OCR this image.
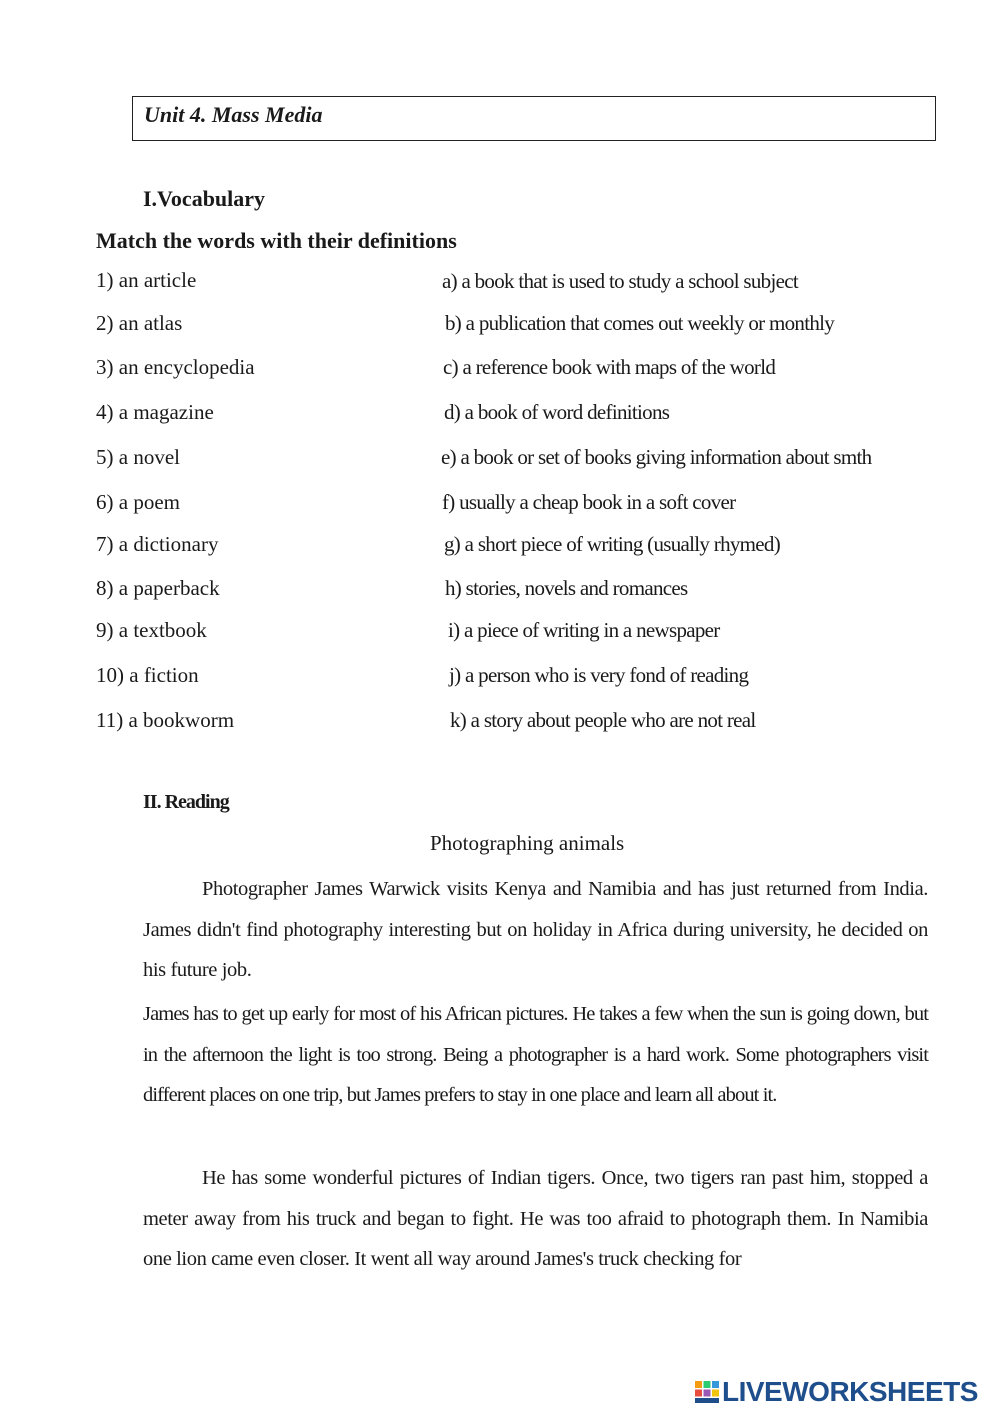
Unit 4. Mass Media
I.Vocabulary
Match the words with their definitions
1) an article
2) an atlas
3) an encyclopedia
4) a magazine
5) a novel
6) a poem
7) a dictionary
8) a paperback
9) a textbook
10) a fiction
11) a bookworm
a) a book that is used to study a school subject
b) a publication that comes out weekly or monthly
c) a reference book with maps of the world
d) a book of word definitions
e) a book or set of books giving information about smth
f) usually a cheap book in a soft cover
g) a short piece of writing (usually rhymed)
h) stories, novels and romances
i) a piece of writing in a newspaper
j) a person who is very fond of reading
k) a story about people who are not real
II. Reading
Photographing animals
Photographer James Warwick visits Kenya and Namibia and has just returned from India. James didn't find photography interesting but on holiday in Africa during university, he decided on his future job.
James has to get up early for most of his African pictures. He takes a few when the sun is going down, but in the afternoon the light is too strong. Being a photographer is a hard work. Some photographers visit different places on one trip, but James prefers to stay in one place and learn all about it.
He has some wonderful pictures of Indian tigers. Once, two tigers ran past him, stopped a meter away from his truck and began to fight. He was too afraid to photograph them. In Namibia one lion came even closer. It went all way around James's truck checking for
LIVEWORKSHEETS
